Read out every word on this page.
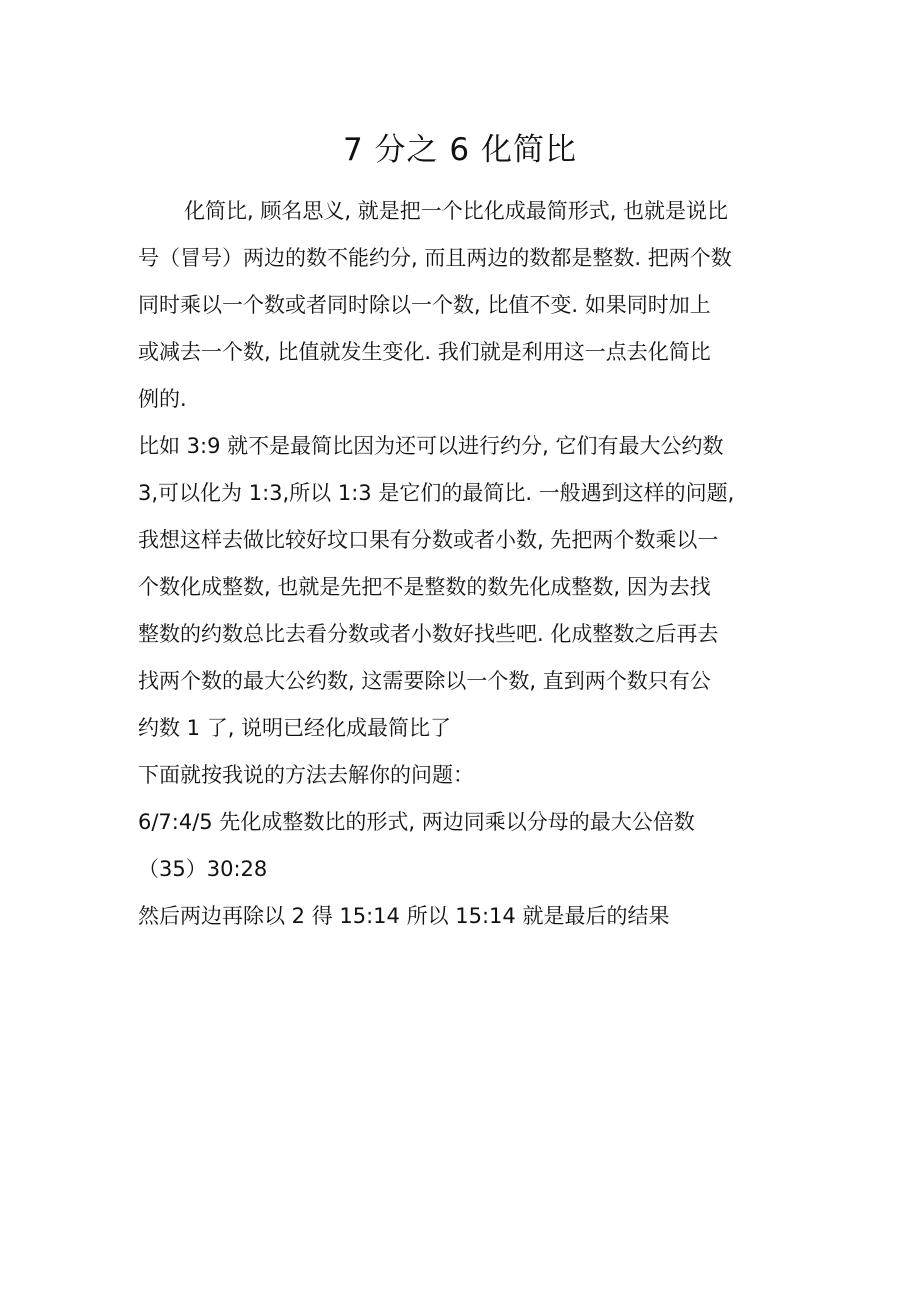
7 分之 6 化简比

化简比, 顾名思义, 就是把一个比化成最简形式, 也就是说比
号（冒号）两边的数不能约分, 而且两边的数都是整数. 把两个数
同时乘以一个数或者同时除以一个数, 比值不变. 如果同时加上
或减去一个数, 比值就发生变化. 我们就是利用这一点去化简比
例的.

比如 3:9 就不是最简比因为还可以进行约分, 它们有最大公约数
3,可以化为 1:3,所以 1:3 是它们的最简比. 一般遇到这样的问题,
我想这样去做比较好坟口果有分数或者小数, 先把两个数乘以一
个数化成整数, 也就是先把不是整数的数先化成整数, 因为去找
整数的约数总比去看分数或者小数好找些吧. 化成整数之后再去
找两个数的最大公约数, 这需要除以一个数, 直到两个数只有公
约数 1 了, 说明已经化成最简比了

下面就按我说的方法去解你的问题：

6/7:4/5 先化成整数比的形式, 两边同乘以分母的最大公倍数
（35）30:28

然后两边再除以 2 得 15:14 所以 15:14 就是最后的结果
